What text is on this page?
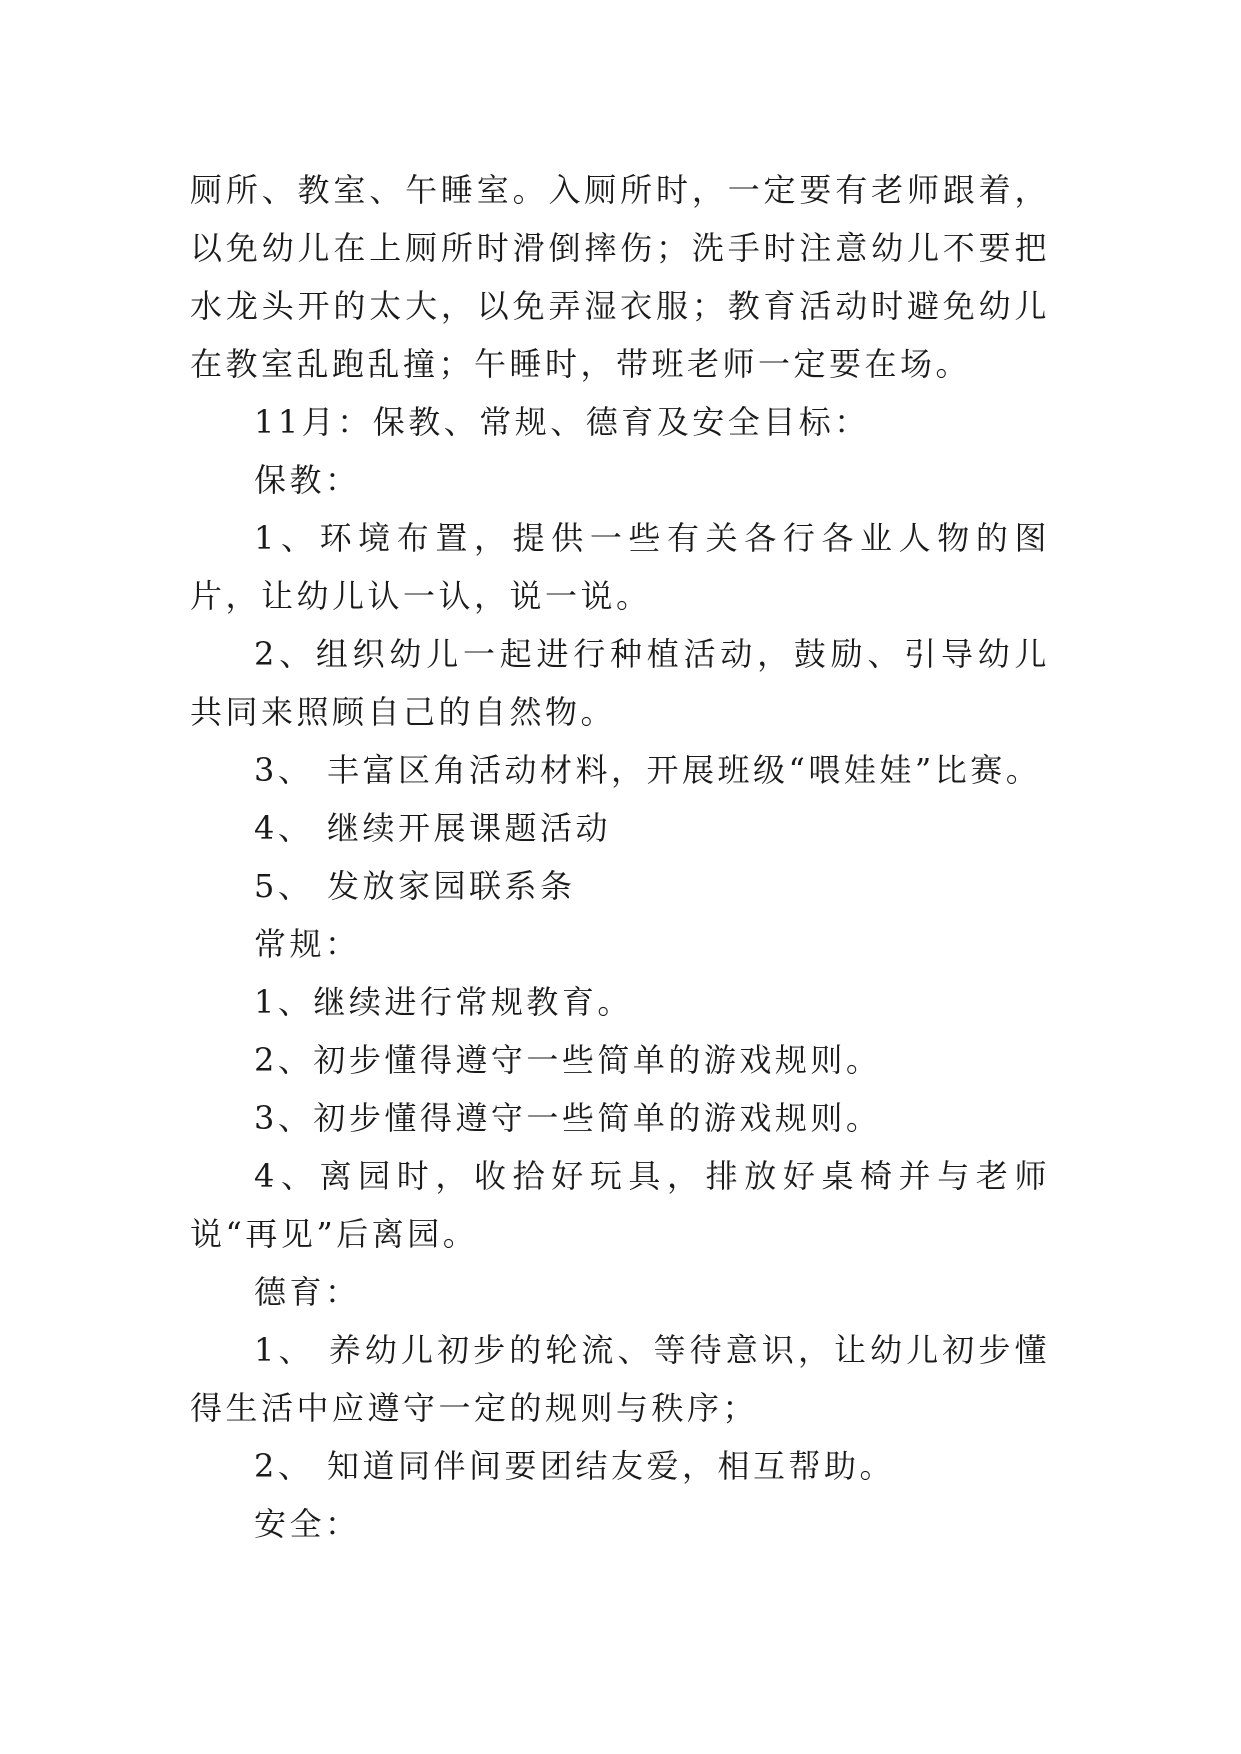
厕所、教室、午睡室。入厕所时，一定要有老师跟着，以免幼儿在上厕所时滑倒摔伤；洗手时注意幼儿不要把水龙头开的太大，以免弄湿衣服；教育活动时避免幼儿在教室乱跑乱撞；午睡时，带班老师一定要在场。

11月：保教、常规、德育及安全目标：

保教：

1、环境布置，提供一些有关各行各业人物的图片，让幼儿认一认，说一说。

2、组织幼儿一起进行种植活动，鼓励、引导幼儿共同来照顾自己的自然物。

3、 丰富区角活动材料，开展班级“喂娃娃”比赛。

4、 继续开展课题活动

5、 发放家园联系条

常规：

1、继续进行常规教育。

2、初步懂得遵守一些简单的游戏规则。

3、初步懂得遵守一些简单的游戏规则。

4、离园时，收拾好玩具，排放好桌椅并与老师说“再见”后离园。

德育：

1、 养幼儿初步的轮流、等待意识，让幼儿初步懂得生活中应遵守一定的规则与秩序；

2、 知道同伴间要团结友爱，相互帮助。

安全：
